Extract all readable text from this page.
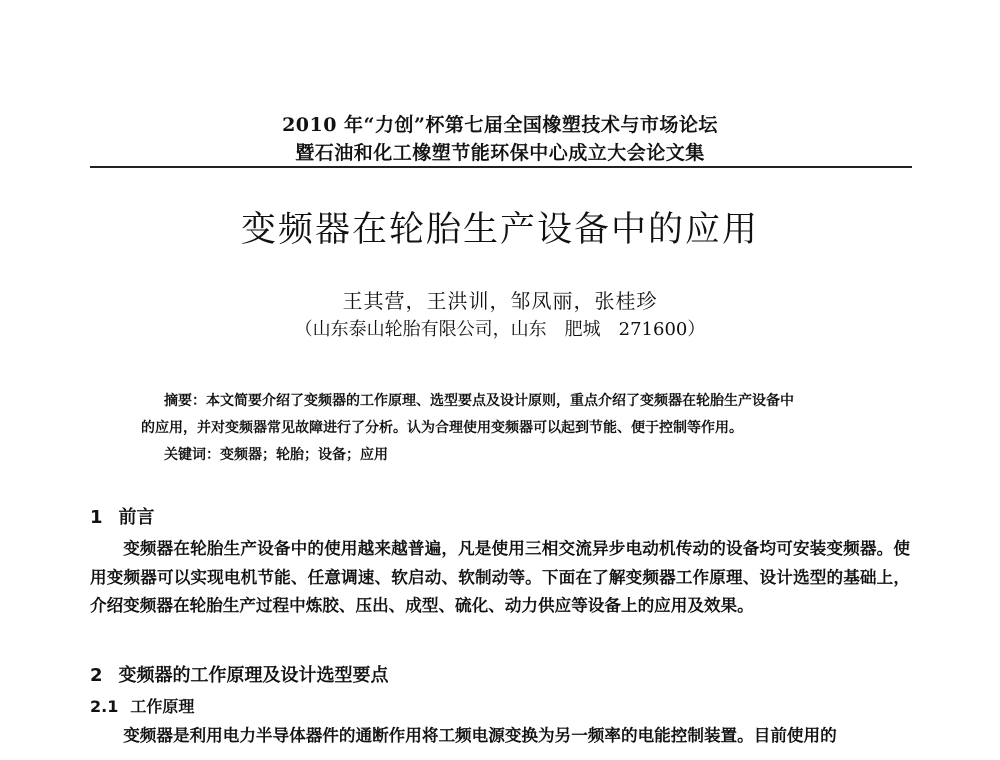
2010 年“力创”杯第七届全国橡塑技术与市场论坛
暨石油和化工橡塑节能环保中心成立大会论文集
变频器在轮胎生产设备中的应用
王其营，王洪训，邹凤丽，张桂珍
（山东泰山轮胎有限公司，山东　肥城　271600）
摘要：本文简要介绍了变频器的工作原理、选型要点及设计原则，重点介绍了变频器在轮胎生产设备中
的应用，并对变频器常见故障进行了分析。认为合理使用变频器可以起到节能、便于控制等作用。
关键词：变频器；轮胎；设备；应用
1 前言

变频器在轮胎生产设备中的使用越来越普遍，凡是使用三相交流异步电动机传动的设备均可安装变频器。使用变频器可以实现电机节能、任意调速、软启动、软制动等。下面在了解变频器工作原理、设计选型的基础上，介绍变频器在轮胎生产过程中炼胶、压出、成型、硫化、动力供应等设备上的应用及效果。

2 变频器的工作原理及设计选型要点
2.1 工作原理

变频器是利用电力半导体器件的通断作用将工频电源变换为另一频率的电能控制装置。目前使用的
